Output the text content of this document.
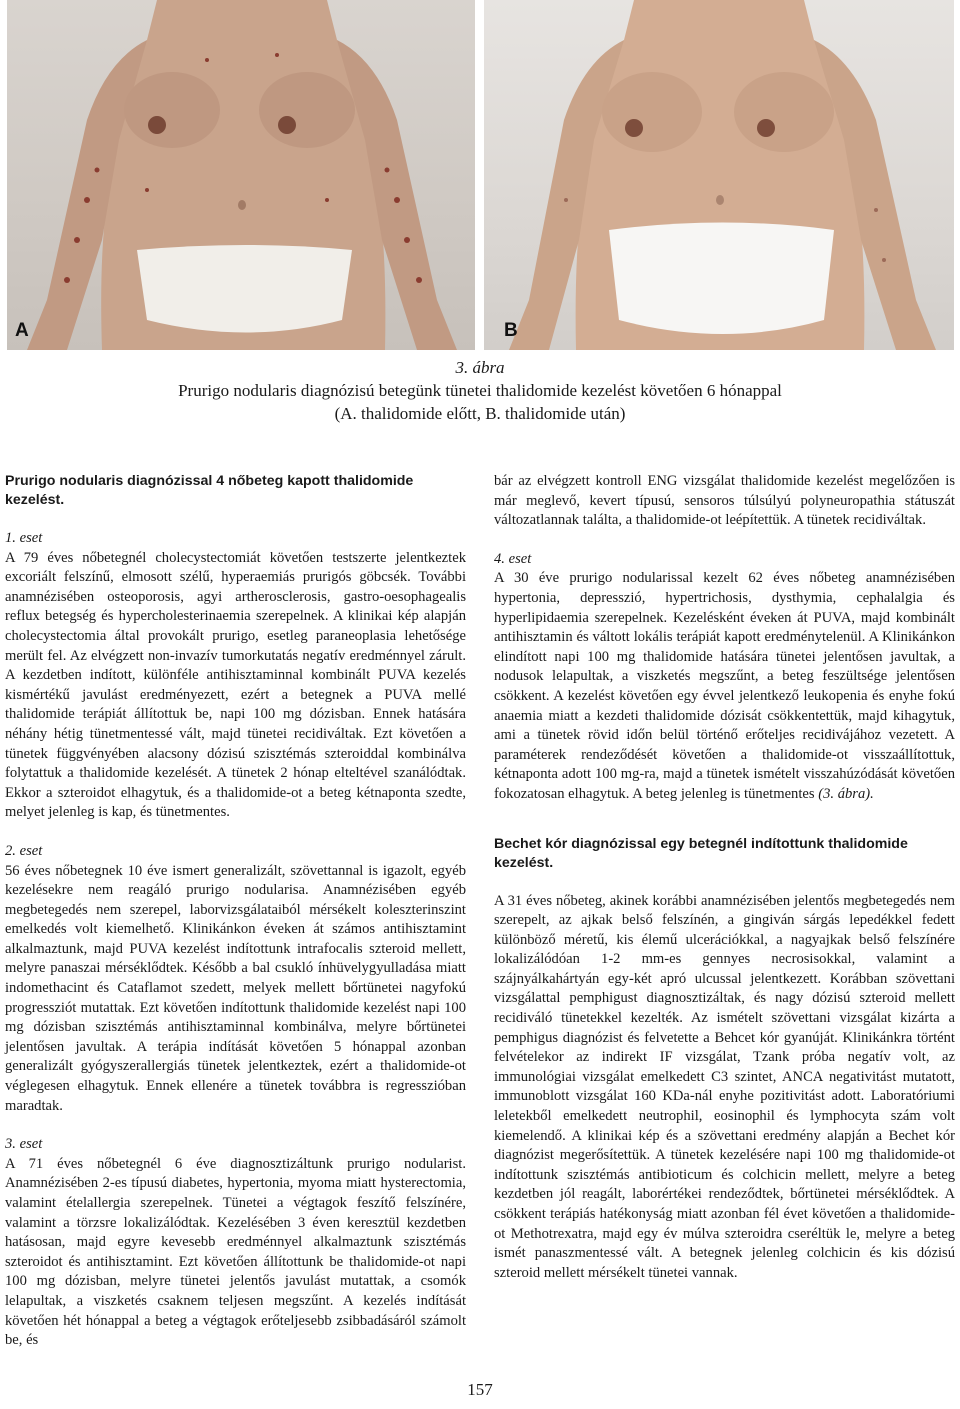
A	B
3. ábra
Prurigo nodularis diagnózisú betegünk tünetei thalidomide kezelést követően 6 hónappal
(A. thalidomide előtt, B. thalidomide után)

Prurigo nodularis diagnózissal 4 nőbeteg kapott thalidomide kezelést.

1. eset

A 79 éves nőbetegnél cholecystectomiát követően testszerte jelentkeztek excoriált felszínű, elmosott szélű, hyperaemiás prurigós göbcsék. További anamnézisében osteoporosis, agyi artherosclerosis, gastro-oesophagealis reflux betegség és hypercholesterinaemia szerepelnek. A klinikai kép alapján cholecystectomia által provokált prurigo, esetleg paraneoplasia lehetősége merült fel. Az elvégzett non-invazív tumorkutatás negatív eredménnyel zárult. A kezdetben indított, különféle antihisztaminnal kombinált PUVA kezelés kismértékű javulást eredményezett, ezért a betegnek a PUVA mellé thalidomide terápiát állítottuk be, napi 100 mg dózisban. Ennek hatására néhány hétig tünetmentessé vált, majd tünetei recidiváltak. Ezt követően a tünetek függvényében alacsony dózisú szisztémás szteroiddal kombinálva folytattuk a thalidomide kezelését. A tünetek 2 hónap elteltével szanálódtak. Ekkor a szteroidot elhagytuk, és a thalidomide-ot a beteg kétnaponta szedte, melyet jelenleg is kap, és tünetmentes.

2. eset

56 éves nőbetegnek 10 éve ismert generalizált, szövettannal is igazolt, egyéb kezelésekre nem reagáló prurigo nodularisa. Anamnézisében egyéb megbetegedés nem szerepel, laborvizsgálataiból mérsékelt koleszterinszint emelkedés volt kiemelhető. Klinikánkon éveken át számos antihisztamint alkalmaztunk, majd PUVA kezelést indítottunk intrafocalis szteroid mellett, melyre panaszai mérséklődtek. Később a bal csukló ínhüvelygyulladása miatt indomethacint és Cataflamot szedett, melyek mellett bőrtünetei nagyfokú progressziót mutattak. Ezt követően indítottunk thalidomide kezelést napi 100 mg dózisban szisztémás antihisztaminnal kombinálva, melyre bőrtünetei jelentősen javultak. A terápia indítását követően 5 hónappal azonban generalizált gyógyszerallergiás tünetek jelentkeztek, ezért a thalidomide-ot véglegesen elhagytuk. Ennek ellenére a tünetek továbbra is regresszióban maradtak.

3. eset

A 71 éves nőbetegnél 6 éve diagnosztizáltunk prurigo nodularist. Anamnézisében 2-es típusú diabetes, hypertonia, myoma miatt hysterectomia, valamint ételallergia szerepelnek. Tünetei a végtagok feszítő felszínére, valamint a törzsre lokalizálódtak. Kezelésében 3 éven keresztül kezdetben hatásosan, majd egyre kevesebb eredménnyel alkalmaztunk szisztémás szteroidot és antihisztamint. Ezt követően állítottunk be thalidomide-ot napi 100 mg dózisban, melyre tünetei jelentős javulást mutattak, a csomók lelapultak, a viszketés csaknem teljesen megszűnt. A kezelés indítását követően hét hónappal a beteg a végtagok erőteljesebb zsibbadásáról számolt be, és

bár az elvégzett kontroll ENG vizsgálat thalidomide kezelést megelőzően is már meglevő, kevert típusú, sensoros túlsúlyú polyneuropathia státuszát változatlannak találta, a thalidomide-ot leépítettük. A tünetek recidiváltak.

4. eset

A 30 éve prurigo nodularissal kezelt 62 éves nőbeteg anamnézisében hypertonia, depresszió, hypertrichosis, dysthymia, cephalalgia és hyperlipidaemia szerepelnek. Kezelésként éveken át PUVA, majd kombinált antihisztamin és váltott lokális terápiát kapott eredménytelenül. A Klinikánkon elindított napi 100 mg thalidomide hatására tünetei jelentősen javultak, a nodusok lelapultak, a viszketés megszűnt, a beteg feszültsége jelentősen csökkent. A kezelést követően egy évvel jelentkező leukopenia és enyhe fokú anaemia miatt a kezdeti thalidomide dózisát csökkentettük, majd kihagytuk, ami a tünetek rövid időn belül történő erőteljes recidivájához vezetett. A paraméterek rendeződését követően a thalidomide-ot visszaállítottuk, kétnaponta adott 100 mg-ra, majd a tünetek ismételt visszahúzódását követően fokozatosan elhagytuk. A beteg jelenleg is tünetmentes (3. ábra).

Bechet kór diagnózissal egy betegnél indítottunk thalidomide kezelést.

A 31 éves nőbeteg, akinek korábbi anamnézisében jelentős megbetegedés nem szerepelt, az ajkak belső felszínén, a gingiván sárgás lepedékkel fedett különböző méretű, kis élemű ulcerációkkal, a nagyajkak belső felszínére lokalizálódóan 1-2 mm-es gennyes necrosisokkal, valamint a szájnyálkahártyán egy-két apró ulcussal jelentkezett. Korábban szövettani vizsgálattal pemphigust diagnosztizáltak, és nagy dózisú szteroid mellett recidiváló tünetekkel kezelték. Az ismételt szövettani vizsgálat kizárta a pemphigus diagnózist és felvetette a Behcet kór gyanúját. Klinikánkra történt felvételekor az indirekt IF vizsgálat, Tzank próba negatív volt, az immunológiai vizsgálat emelkedett C3 szintet, ANCA negativitást mutatott, immunoblott vizsgálat 160 KDa-nál enyhe pozitivitást adott. Laboratóriumi leletekből emelkedett neutrophil, eosinophil és lymphocyta szám volt kiemelendő. A klinikai kép és a szövettani eredmény alapján a Bechet kór diagnózist megerősítettük. A tünetek kezelésére napi 100 mg thalidomide-ot indítottunk szisztémás antibioticum és colchicin mellett, melyre a beteg kezdetben jól reagált, laborértékei rendeződtek, bőrtünetei mérséklődtek. A csökkent terápiás hatékonyság miatt azonban fél évet követően a thalidomide-ot Methotrexatra, majd egy év múlva szteroidra cseréltük le, melyre a beteg ismét panaszmentessé vált. A betegnek jelenleg colchicin és kis dózisú szteroid mellett mérsékelt tünetei vannak.

157
